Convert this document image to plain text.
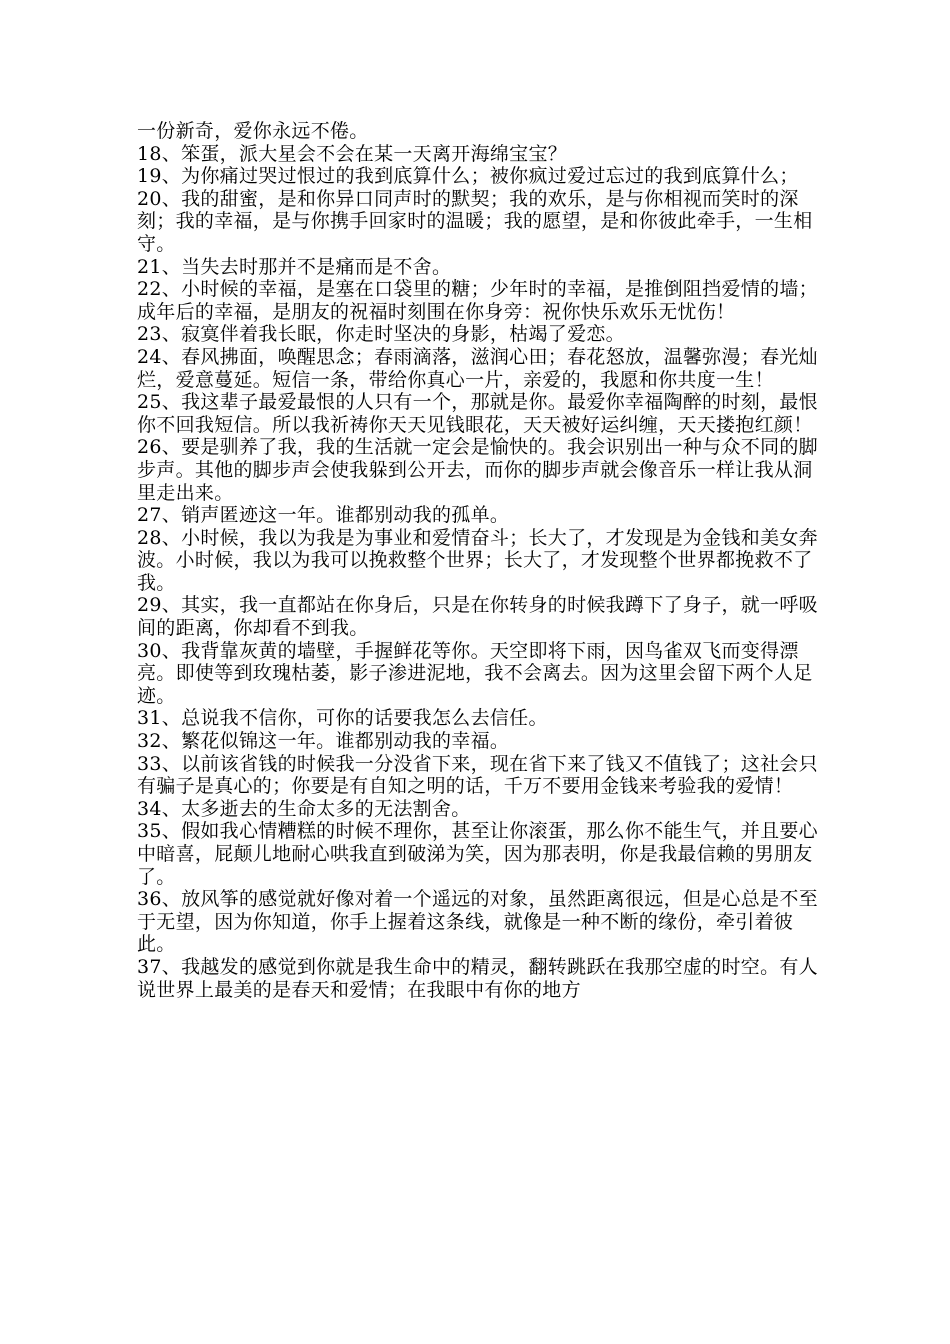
一份新奇，爱你永远不倦。

18、笨蛋，派大星会不会在某一天离开海绵宝宝？

19、为你痛过哭过恨过的我到底算什么；被你疯过爱过忘过的我到底算什么；

20、我的甜蜜，是和你异口同声时的默契；我的欢乐，是与你相视而笑时的深刻；我的幸福，是与你携手回家时的温暖；我的愿望，是和你彼此牵手，一生相守。

21、当失去时那并不是痛而是不舍。

22、小时候的幸福，是塞在口袋里的糖；少年时的幸福，是推倒阻挡爱情的墙；成年后的幸福，是朋友的祝福时刻围在你身旁：祝你快乐欢乐无忧伤！

23、寂寞伴着我长眠，你走时坚决的身影，枯竭了爱恋。

24、春风拂面，唤醒思念；春雨滴落，滋润心田；春花怒放，温馨弥漫；春光灿烂，爱意蔓延。短信一条，带给你真心一片，亲爱的，我愿和你共度一生！

25、我这辈子最爱最恨的人只有一个，那就是你。最爱你幸福陶醉的时刻，最恨你不回我短信。所以我祈祷你天天见钱眼花，天天被好运纠缠，天天搂抱红颜！

26、要是驯养了我，我的生活就一定会是愉快的。我会识别出一种与众不同的脚步声。其他的脚步声会使我躲到公开去，而你的脚步声就会像音乐一样让我从洞里走出来。

27、销声匿迹这一年。谁都别动我的孤单。

28、小时候，我以为我是为事业和爱情奋斗；长大了，才发现是为金钱和美女奔波。小时候，我以为我可以挽救整个世界；长大了，才发现整个世界都挽救不了我。

29、其实，我一直都站在你身后，只是在你转身的时候我蹲下了身子，就一呼吸间的距离，你却看不到我。

30、我背靠灰黄的墙壁，手握鲜花等你。天空即将下雨，因鸟雀双飞而变得漂亮。即使等到玫瑰枯萎，影子渗进泥地，我不会离去。因为这里会留下两个人足迹。

31、总说我不信你，可你的话要我怎么去信任。

32、繁花似锦这一年。谁都别动我的幸福。

33、以前该省钱的时候我一分没省下来，现在省下来了钱又不值钱了；这社会只有骗子是真心的；你要是有自知之明的话，千万不要用金钱来考验我的爱情！

34、太多逝去的生命太多的无法割舍。

35、假如我心情糟糕的时候不理你，甚至让你滚蛋，那么你不能生气，并且要心中暗喜，屁颠儿地耐心哄我直到破涕为笑，因为那表明，你是我最信赖的男朋友了。

36、放风筝的感觉就好像对着一个遥远的对象，虽然距离很远，但是心总是不至于无望，因为你知道，你手上握着这条线，就像是一种不断的缘份，牵引着彼此。

37、我越发的感觉到你就是我生命中的精灵，翻转跳跃在我那空虚的时空。有人说世界上最美的是春天和爱情；在我眼中有你的地方
